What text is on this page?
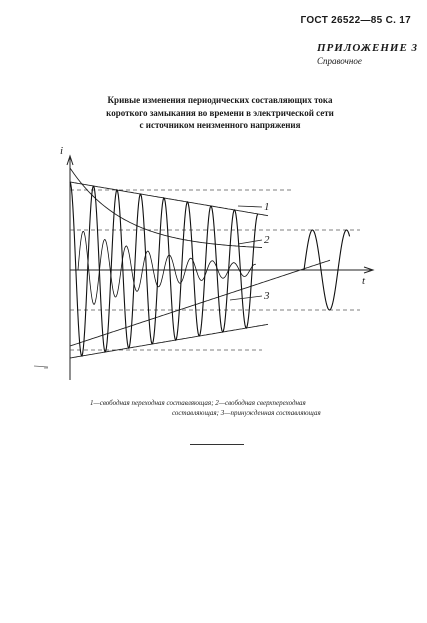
ГОСТ 26522—85 С. 17
ПРИЛОЖЕНИЕ 3
Справочное
Кривые изменения периодических составляющих тока
короткого замыкания во времени в электрической сети
с источником неизменного напряжения
i
t
1
2
3
1—свободная переходная составляющая; 2—свободная сверхпереходная
составляющая; 3—принужденная составляющая
